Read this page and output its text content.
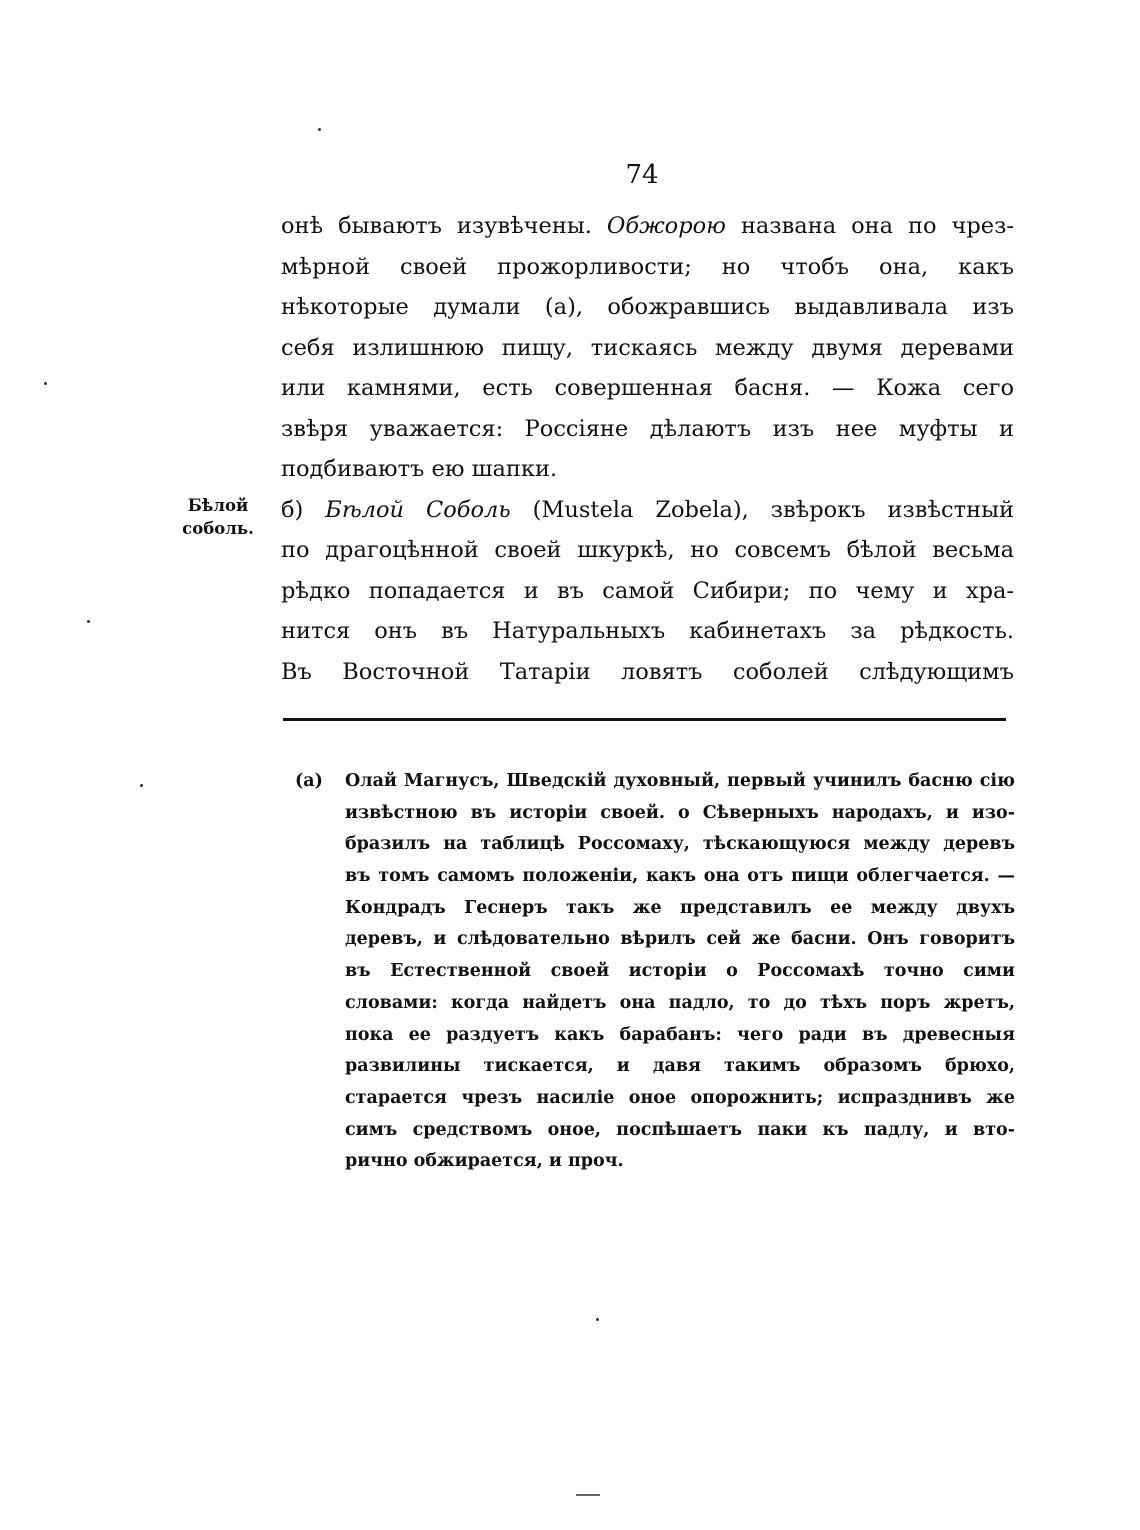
74
Бѣлой
соболь.
онѣ бываютъ изувѣчены. Обжорою названа она по чрез-
мѣрной своей прожорливости; но чтобъ она, какъ
нѣкоторые думали (а), обожравшись выдавливала изъ
себя излишнюю пищу, тискаясь между двумя деревами
или камнями, есть совершенная басня. — Кожа сего
звѣря уважается: Россіяне дѣлаютъ изъ нее муфты и
подбиваютъ ею шапки.
б) Бѣлой Соболь (Mustela Zobela), звѣрокъ извѣстный
по драгоцѣнной своей шкуркѣ, но совсемъ бѣлой весьма
рѣдко попадается и въ самой Сибири; по чему и хра-
нится онъ въ Натуральныхъ кабинетахъ за рѣдкость.
Въ Восточной Татаріи ловятъ соболей слѣдующимъ
(а) Олай Магнусъ, Шведскій духовный, первый учинилъ басню сію
извѣстною въ исторіи своей. о Сѣверныхъ народахъ, и изо-
бразилъ на таблицѣ Россомаху, тѣскающуюся между деревъ
въ томъ самомъ положеніи, какъ она отъ пищи облегчается. —
Кондрадъ Геснеръ такъ же представилъ ее между двухъ
деревъ, и слѣдовательно вѣрилъ сей же басни. Онъ говоритъ
въ Естественной своей исторіи о Россомахѣ точно сими
словами: когда найдетъ она падло, то до тѣхъ поръ жретъ,
пока ее раздуетъ какъ барабанъ: чего ради въ древесныя
развилины тискается, и давя такимъ образомъ брюхо,
старается чрезъ насиліе оное опорожнить; испразднивъ же
симъ средствомъ оное, поспѣшаетъ паки къ падлу, и вто-
рично обжирается, и проч.
